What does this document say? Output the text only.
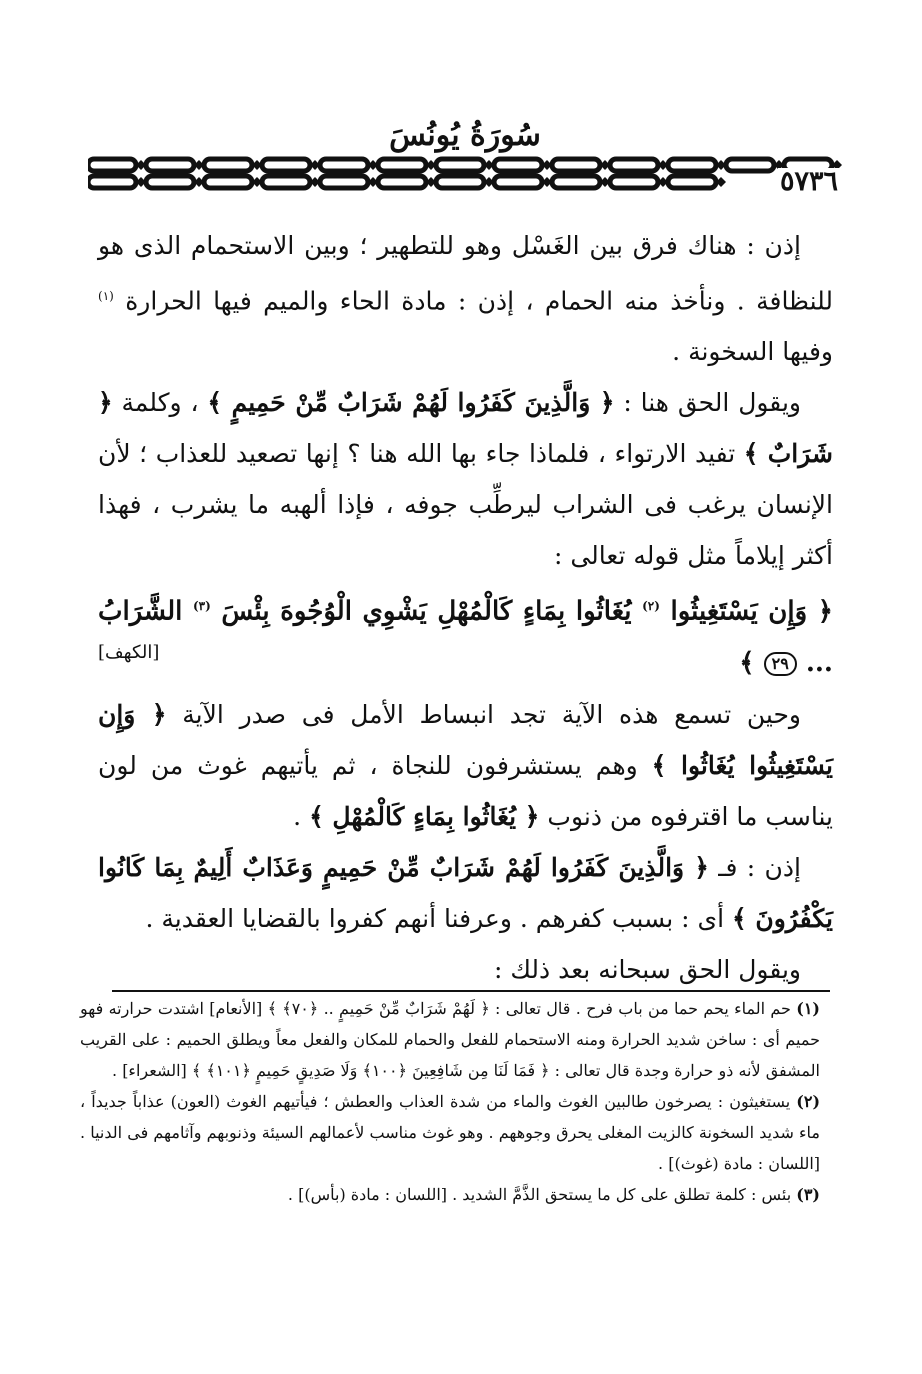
سُورَةُ يُونُسَ
٥٧٣٦

إذن : هناك فرق بين الغَسْل وهو للتطهير ؛ وبين الاستحمام الذى هو للنظافة . ونأخذ منه الحمام ، إذن : مادة الحاء والميم فيها الحرارة $^{(١)}$ وفيها السخونة .

ويقول الحق هنا : ﴿ وَالَّذِينَ كَفَرُوا لَهُمْ شَرَابٌ مِّنْ حَمِيمٍ ﴾ ، وكلمة ﴿ شَرَابٌ ﴾ تفيد الارتواء ، فلماذا جاء بها الله هنا ؟ إنها تصعيد للعذاب ؛ لأن الإنسان يرغب فى الشراب ليرطِّب جوفه ، فإذا ألهبه ما يشرب ، فهذا أكثر إيلاماً مثل قوله تعالى :

﴿ وَإِن يَسْتَغِيثُوا $^{(٢)}$ يُغَاثُوا بِمَاءٍ كَالْمُهْلِ يَشْوِي الْوُجُوهَ بِئْسَ $^{(٣)}$ الشَّرَابُ ... ٢٩ ﴾

[الكهف]

وحين تسمع هذه الآية تجد انبساط الأمل فى صدر الآية ﴿ وَإِن يَسْتَغِيثُوا يُغَاثُوا ﴾ وهم يستشرفون للنجاة ، ثم يأتيهم غوث من لون يناسب ما اقترفوه من ذنوب ﴿ يُغَاثُوا بِمَاءٍ كَالْمُهْلِ ﴾ .

إذن : فـ ﴿ وَالَّذِينَ كَفَرُوا لَهُمْ شَرَابٌ مِّنْ حَمِيمٍ وَعَذَابٌ أَلِيمٌ بِمَا كَانُوا يَكْفُرُونَ ﴾ أى : بسبب كفرهم . وعرفنا أنهم كفروا بالقضايا العقدية .

ويقول الحق سبحانه بعد ذلك :

(١) حم الماء يحم حما من باب فرح . قال تعالى : ﴿ لَهُمْ شَرَابٌ مِّنْ حَمِيمٍ .. ﴿٧٠﴾ ﴾ [الأنعام] اشتدت حرارته فهو حميم أى : ساخن شديد الحرارة ومنه الاستحمام للفعل والحمام للمكان والفعل معاً ويطلق الحميم : على القريب المشفق لأنه ذو حرارة وجدة قال تعالى : ﴿ فَمَا لَنَا مِن شَافِعِينَ ﴿١٠٠﴾ وَلَا صَدِيقٍ حَمِيمٍ ﴿١٠١﴾ ﴾ [الشعراء] .

(٢) يستغيثون : يصرخون طالبين الغوث والماء من شدة العذاب والعطش ؛ فيأتيهم الغوث (العون) عذاباً جديداً ، ماء شديد السخونة كالزيت المغلى يحرق وجوههم . وهو غوث مناسب لأعمالهم السيئة وذنوبهم وآثامهم فى الدنيا . [اللسان : مادة (غوث)] .

(٣) بئس : كلمة تطلق على كل ما يستحق الذَّمَّ الشديد . [اللسان : مادة (بأس)] .
